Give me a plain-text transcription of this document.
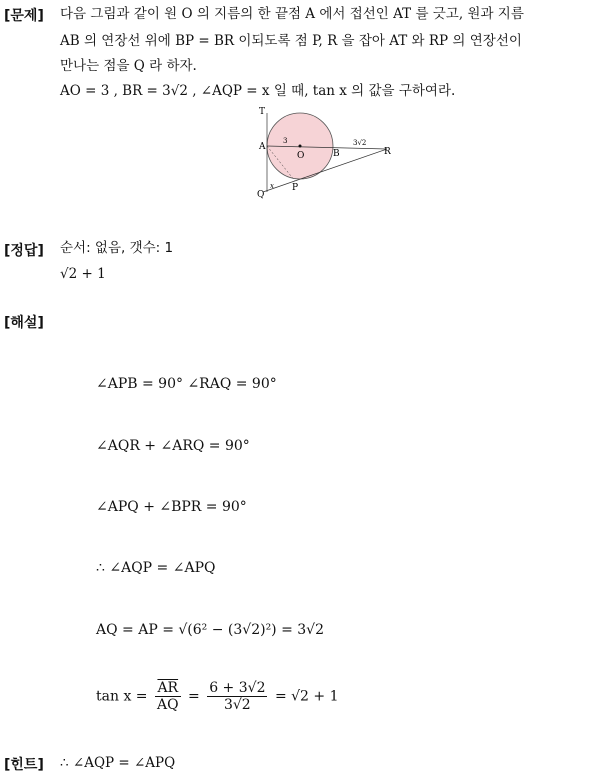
[문제] 다음 그림과 같이 원 O 의 지름의 한 끝점 A 에서 접선인 AT 를 긋고, 원과 지름
AB 의 연장선 위에 BP = BR 이되도록 점 P, R 을 잡아 AT 와 RP 의 연장선이
만나는 점을 Q 라 하자.
AO = 3 , BR = 3√2 , ∠AQP = x 일 때, tan x 의 값을 구하여라.
T
A
O	B	R
P
Q
x
3	3√2
[정답] 순서: 없음, 갯수: 1
√2 + 1
[해설]
∠APB = 90° ∠RAQ = 90°
∠AQR + ∠ARQ = 90°
∠APQ + ∠BPR = 90°
∴ ∠AQP = ∠APQ
AQ = AP = √(6² − (3√2)²) = 3√2
$\tan x = \frac{\overline{AR}}{AQ} = \frac{6 + 3√2}{3√2} = √2 + 1$
[힌트] ∴ ∠AQP = ∠APQ
